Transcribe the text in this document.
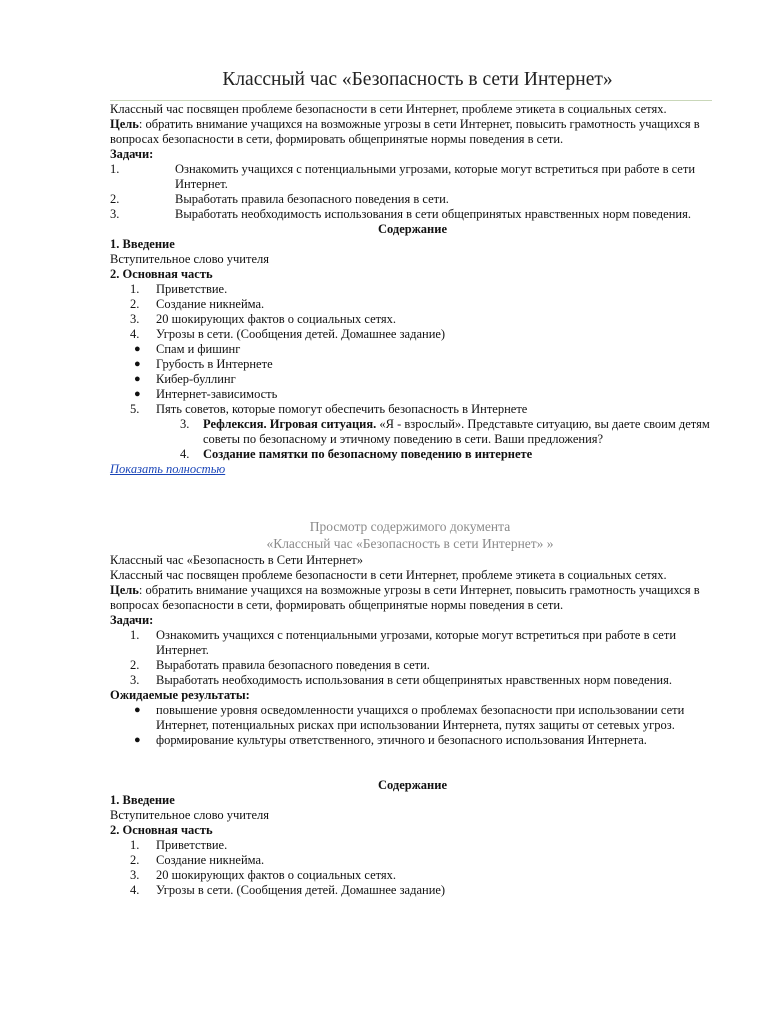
Классный час «Безопасность в сети Интернет»

Классный час посвящен проблеме безопасности в сети Интернет, проблеме этикета в социальных сетях.

Цель: обратить внимание учащихся на возможные угрозы в сети Интернет, повысить грамотность учащихся в вопросах безопасности в сети, формировать общепринятые нормы поведения в сети.

Задачи:

1.	Ознакомить учащихся с потенциальными угрозами, которые могут встретиться при работе в сети Интернет.
2.	Выработать правила безопасного поведения в сети.
3.	Выработать необходимость использования в сети общепринятых нравственных норм поведения.

Содержание

1. Введение

Вступительное слово учителя

2. Основная часть

1. Приветствие.
2. Создание никнейма.
3. 20 шокирующих фактов о социальных сетях.
4. Угрозы в сети. (Сообщения детей. Домашнее задание)
● Спам и фишинг
● Грубость в Интернете
● Кибер-буллинг
● Интернет-зависимость
5. Пять советов, которые помогут обеспечить безопасность в Интернете
3. Рефлексия. Игровая ситуация. «Я - взрослый». Представьте ситуацию, вы даете своим детям советы по безопасному и этичному поведению в сети. Ваши предложения?
4. Создание памятки по безопасному поведению в интернете
Показать полностью
Просмотр содержимого документа
«Классный час «Безопасность в сети Интернет» »

Классный час «Безопасность в Сети Интернет»

Классный час посвящен проблеме безопасности в сети Интернет, проблеме этикета в социальных сетях.

Цель: обратить внимание учащихся на возможные угрозы в сети Интернет, повысить грамотность учащихся в вопросах безопасности в сети, формировать общепринятые нормы поведения в сети.

Задачи:

1. Ознакомить учащихся с потенциальными угрозами, которые могут встретиться при работе в сети Интернет.
2. Выработать правила безопасного поведения в сети.
3. Выработать необходимость использования в сети общепринятых нравственных норм поведения.

Ожидаемые результаты:

● повышение уровня осведомленности учащихся о проблемах безопасности при использовании сети Интернет, потенциальных рисках при использовании Интернета, путях защиты от сетевых угроз.
● формирование культуры ответственного, этичного и безопасного использования Интернета.

Содержание

1. Введение

Вступительное слово учителя

2. Основная часть

1. Приветствие.
2. Создание никнейма.
3. 20 шокирующих фактов о социальных сетях.
4. Угрозы в сети. (Сообщения детей. Домашнее задание)
